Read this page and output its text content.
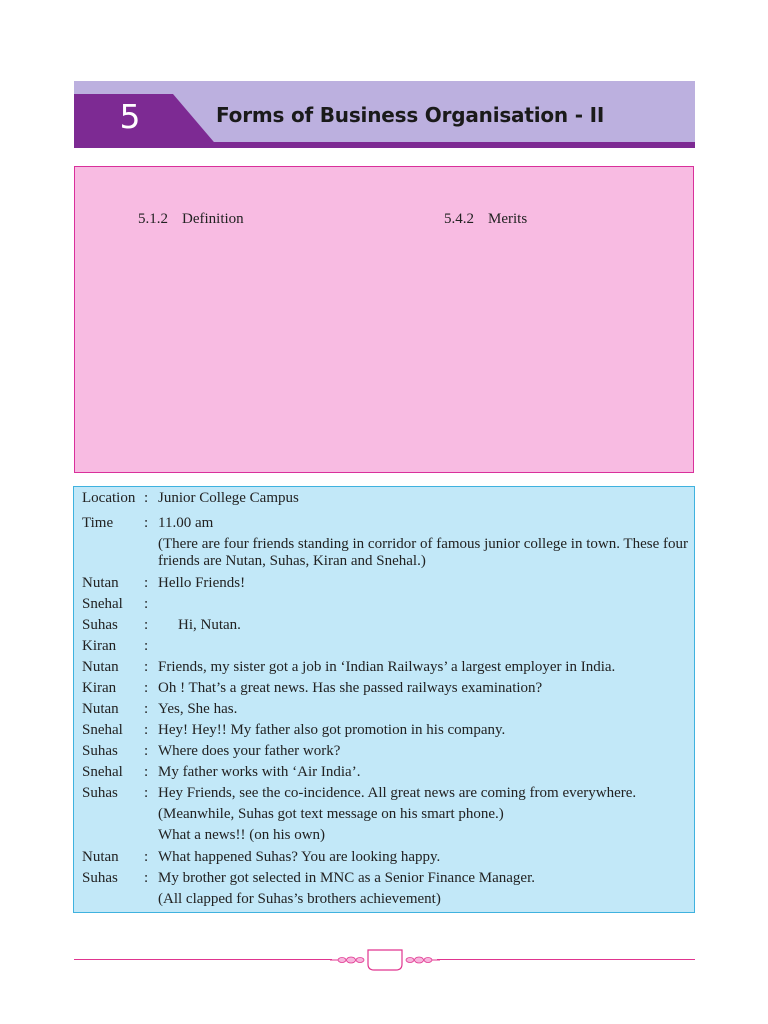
5	Forms of Business Organisation - II
5.1.2 Definition	5.4.2 Merits
Location : Junior College Campus
Time : 11.00 am
(There are four friends standing in corridor of famous junior college in town. These four friends are Nutan, Suhas, Kiran and Snehal.)
Nutan : Hello Friends!
Snehal :
Suhas : Hi, Nutan.
Kiran :
Nutan : Friends, my sister got a job in ‘Indian Railways’ a largest employer in India.
Kiran : Oh ! That’s a great news. Has she passed railways examination?
Nutan : Yes, She has.
Snehal : Hey! Hey!! My father also got promotion in his company.
Suhas : Where does your father work?
Snehal : My father works with ‘Air India’.
Suhas : Hey Friends, see the co-incidence. All great news are coming from everywhere.
(Meanwhile, Suhas got text message on his smart phone.)
What a news!! (on his own)
Nutan : What happened Suhas? You are looking happy.
Suhas : My brother got selected in MNC as a Senior Finance Manager.
(All clapped for Suhas’s brothers achievement)
